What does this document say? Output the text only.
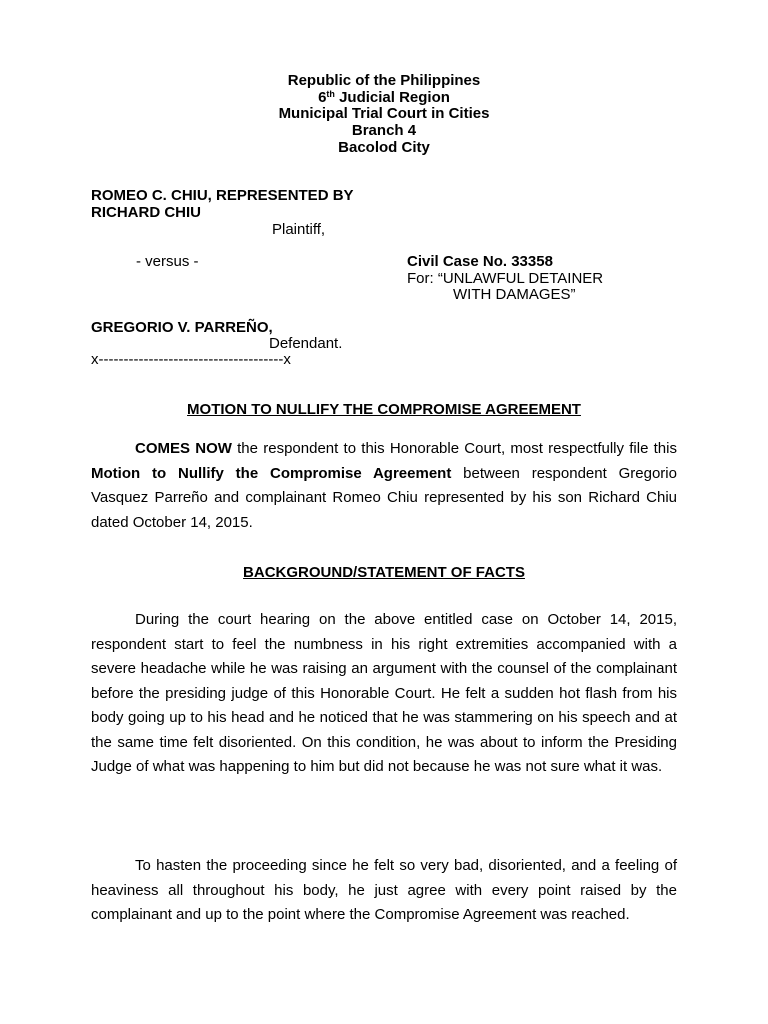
Republic of the Philippines
6th Judicial Region
Municipal Trial Court in Cities
Branch 4
Bacolod City
ROMEO C. CHIU, REPRESENTED BY
RICHARD CHIU
Plaintiff,
- versus -	Civil Case No. 33358
For: “UNLAWFUL DETAINER
WITH DAMAGES”
GREGORIO V. PARREÑO,
Defendant.
x-------------------------------------x
MOTION TO NULLIFY THE COMPROMISE AGREEMENT
COMES NOW the respondent to this Honorable Court, most respectfully file this Motion to Nullify the Compromise Agreement between respondent Gregorio Vasquez Parreño and complainant Romeo Chiu represented by his son Richard Chiu dated October 14, 2015.
BACKGROUND/STATEMENT OF FACTS
During the court hearing on the above entitled case on October 14, 2015, respondent start to feel the numbness in his right extremities accompanied with a severe headache while he was raising an argument with the counsel of the complainant before the presiding judge of this Honorable Court. He felt a sudden hot flash from his body going up to his head and he noticed that he was stammering on his speech and at the same time felt disoriented. On this condition, he was about to inform the Presiding Judge of what was happening to him but did not because he was not sure what it was.
To hasten the proceeding since he felt so very bad, disoriented, and a feeling of heaviness all throughout his body, he just agree with every point raised by the complainant and up to the point where the Compromise Agreement was reached.
